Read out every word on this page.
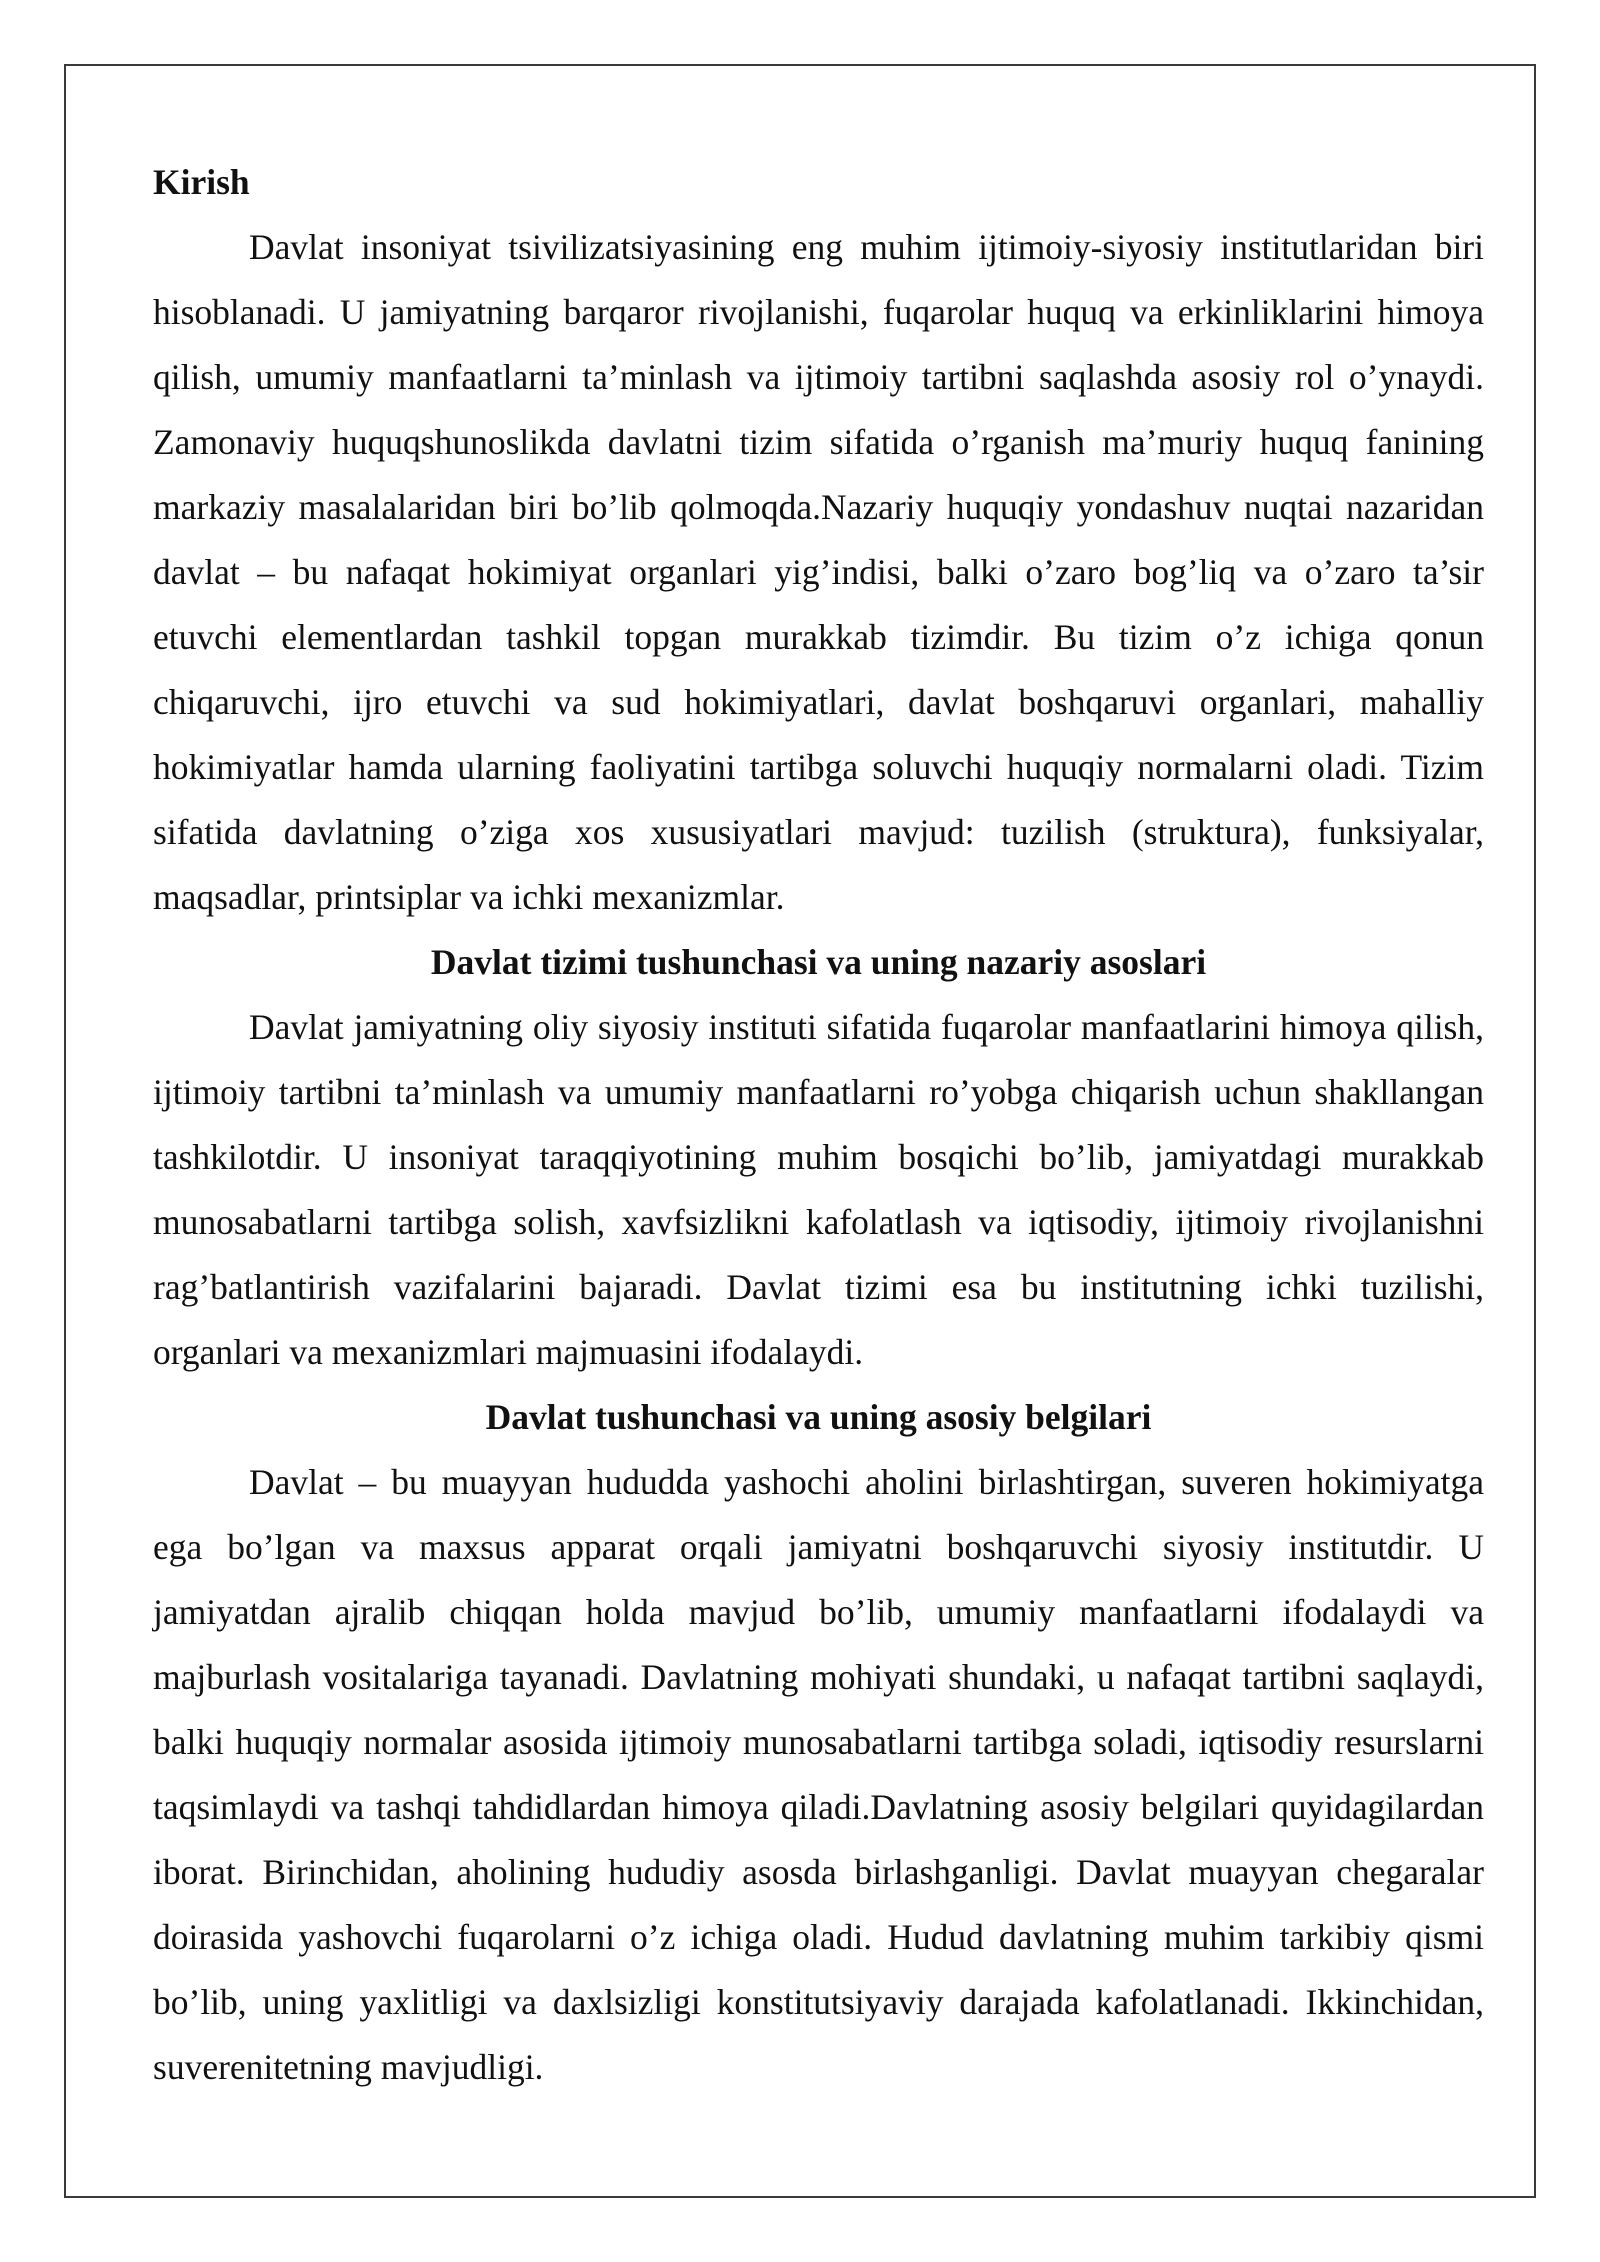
Kirish

Davlat insoniyat tsivilizatsiyasining eng muhim ijtimoiy-siyosiy institutlaridan biri hisoblanadi. U jamiyatning barqaror rivojlanishi, fuqarolar huquq va erkinliklarini himoya qilish, umumiy manfaatlarni ta’minlash va ijtimoiy tartibni saqlashda asosiy rol o’ynaydi. Zamonaviy huquqshunoslikda davlatni tizim sifatida o’rganish ma’muriy huquq fanining markaziy masalalaridan biri bo’lib qolmoqda.Nazariy huquqiy yondashuv nuqtai nazaridan davlat – bu nafaqat hokimiyat organlari yig’indisi, balki o’zaro bog’liq va o’zaro ta’sir etuvchi elementlardan tashkil topgan murakkab tizimdir. Bu tizim o’z ichiga qonun chiqaruvchi, ijro etuvchi va sud hokimiyatlari, davlat boshqaruvi organlari, mahalliy hokimiyatlar hamda ularning faoliyatini tartibga soluvchi huquqiy normalarni oladi. Tizim sifatida davlatning o’ziga xos xususiyatlari mavjud: tuzilish (struktura), funksiyalar, maqsadlar, printsiplar va ichki mexanizmlar.

Davlat tizimi tushunchasi va uning nazariy asoslari

Davlat jamiyatning oliy siyosiy instituti sifatida fuqarolar manfaatlarini himoya qilish, ijtimoiy tartibni ta’minlash va umumiy manfaatlarni ro’yobga chiqarish uchun shakllangan tashkilotdir. U insoniyat taraqqiyotining muhim bosqichi bo’lib, jamiyatdagi murakkab munosabatlarni tartibga solish, xavfsizlikni kafolatlash va iqtisodiy, ijtimoiy rivojlanishni rag’batlantirish vazifalarini bajaradi. Davlat tizimi esa bu institutning ichki tuzilishi, organlari va mexanizmlari majmuasini ifodalaydi.

Davlat tushunchasi va uning asosiy belgilari

Davlat – bu muayyan hududda yashochi aholini birlashtirgan, suveren hokimiyatga ega bo’lgan va maxsus apparat orqali jamiyatni boshqaruvchi siyosiy institutdir. U jamiyatdan ajralib chiqqan holda mavjud bo’lib, umumiy manfaatlarni ifodalaydi va majburlash vositalariga tayanadi. Davlatning mohiyati shundaki, u nafaqat tartibni saqlaydi, balki huquqiy normalar asosida ijtimoiy munosabatlarni tartibga soladi, iqtisodiy resurslarni taqsimlaydi va tashqi tahdidlardan himoya qiladi.Davlatning asosiy belgilari quyidagilardan iborat. Birinchidan, aholining hududiy asosda birlashganligi. Davlat muayyan chegaralar doirasida yashovchi fuqarolarni o’z ichiga oladi. Hudud davlatning muhim tarkibiy qismi bo’lib, uning yaxlitligi va daxlsizligi konstitutsiyaviy darajada kafolatlanadi. Ikkinchidan, suverenitetning mavjudligi.
